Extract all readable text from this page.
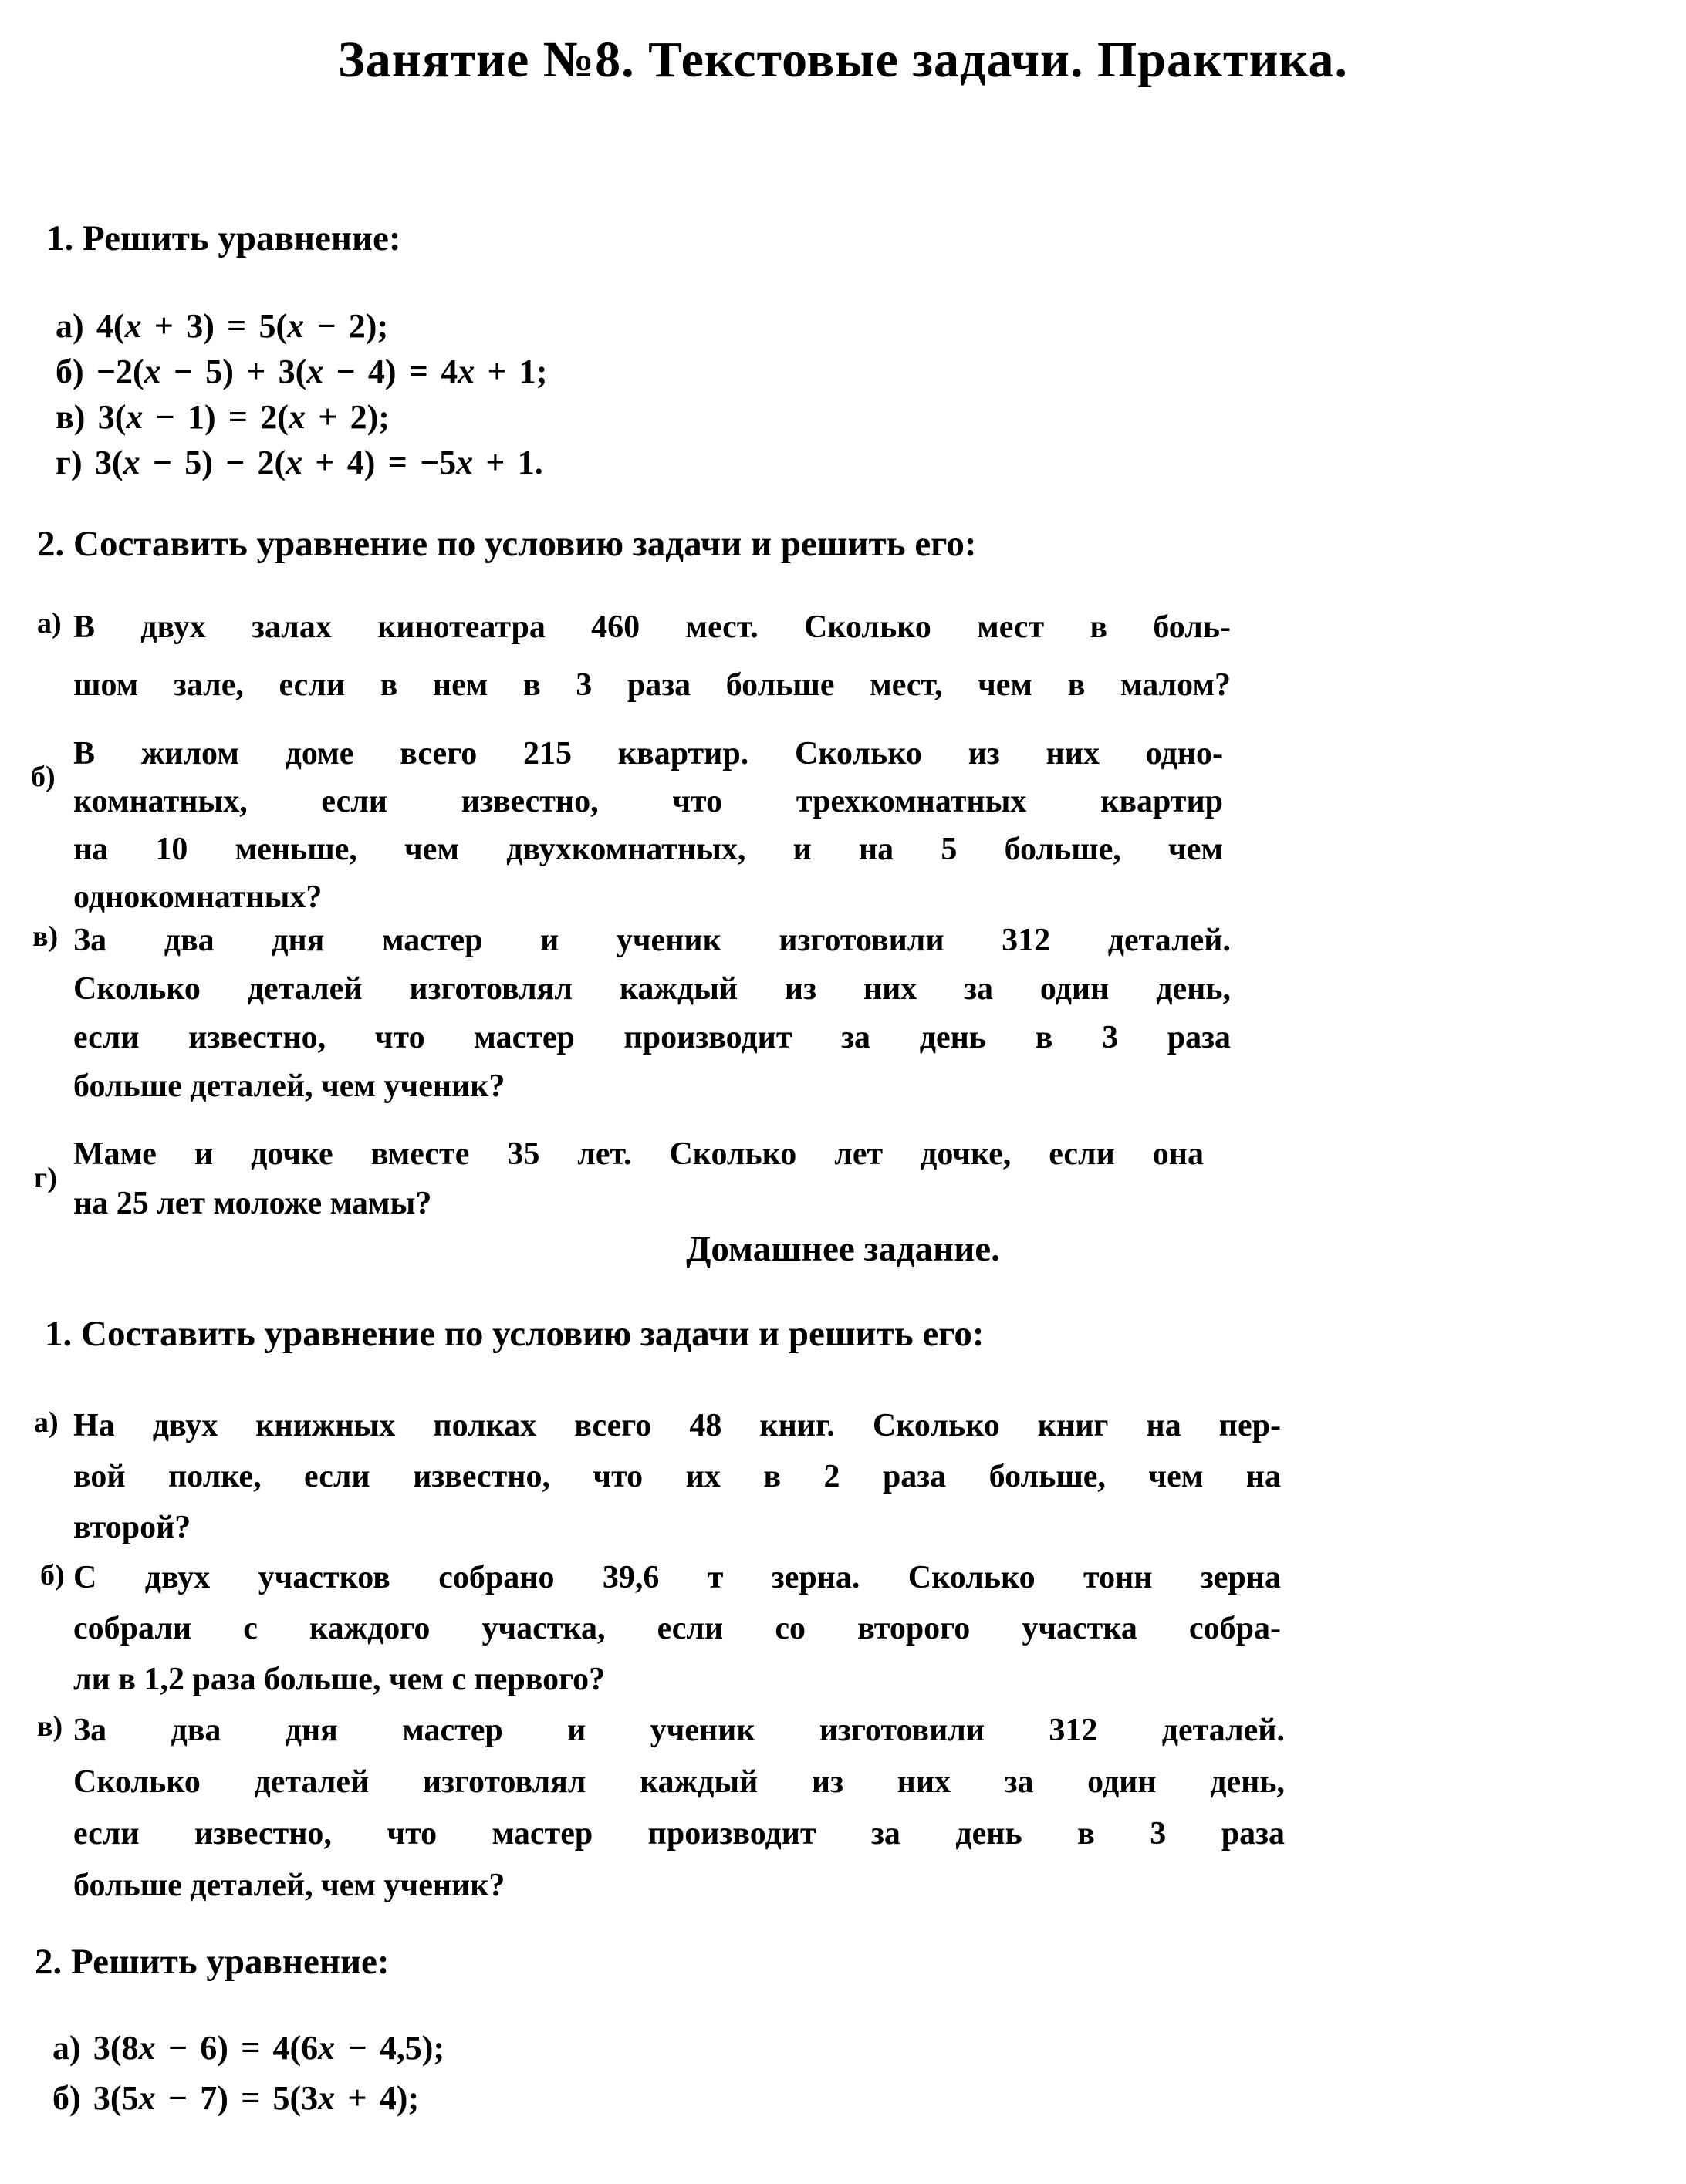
Занятие №8. Текстовые задачи. Практика.
1. Решить уравнение:
а) 4(x + 3) = 5(x − 2);
б) −2(x − 5) + 3(x − 4) = 4x + 1;
в) 3(x − 1) = 2(x + 2);
г) 3(x − 5) − 2(x + 4) = −5x + 1.
2. Составить уравнение по условию задачи и решить его:
а) В двух залах кинотеатра 460 мест. Сколько мест в боль-
шом зале, если в нем в 3 раза больше мест, чем в малом?
б)
В жилом доме всего 215 квартир. Сколько из них одно-
комнатных, если известно, что трехкомнатных квартир
на 10 меньше, чем двухкомнатных, и на 5 больше, чем
однокомнатных?
в) За два дня мастер и ученик изготовили 312 деталей.
Сколько деталей изготовлял каждый из них за один день,
если известно, что мастер производит за день в 3 раза
больше деталей, чем ученик?
г)
Маме и дочке вместе 35 лет. Сколько лет дочке, если она
на 25 лет моложе мамы?
Домашнее задание.
1. Составить уравнение по условию задачи и решить его:
а) На двух книжных полках всего 48 книг. Сколько книг на пер-
вой полке, если известно, что их в 2 раза больше, чем на
второй?
б) С двух участков собрано 39,6 т зерна. Сколько тонн зерна
собрали с каждого участка, если со второго участка собра-
ли в 1,2 раза больше, чем с первого?
в) За два дня мастер и ученик изготовили 312 деталей.
Сколько деталей изготовлял каждый из них за один день,
если известно, что мастер производит за день в 3 раза
больше деталей, чем ученик?
2. Решить уравнение:
а) 3(8x − 6) = 4(6x − 4,5);
б) 3(5x − 7) = 5(3x + 4);
